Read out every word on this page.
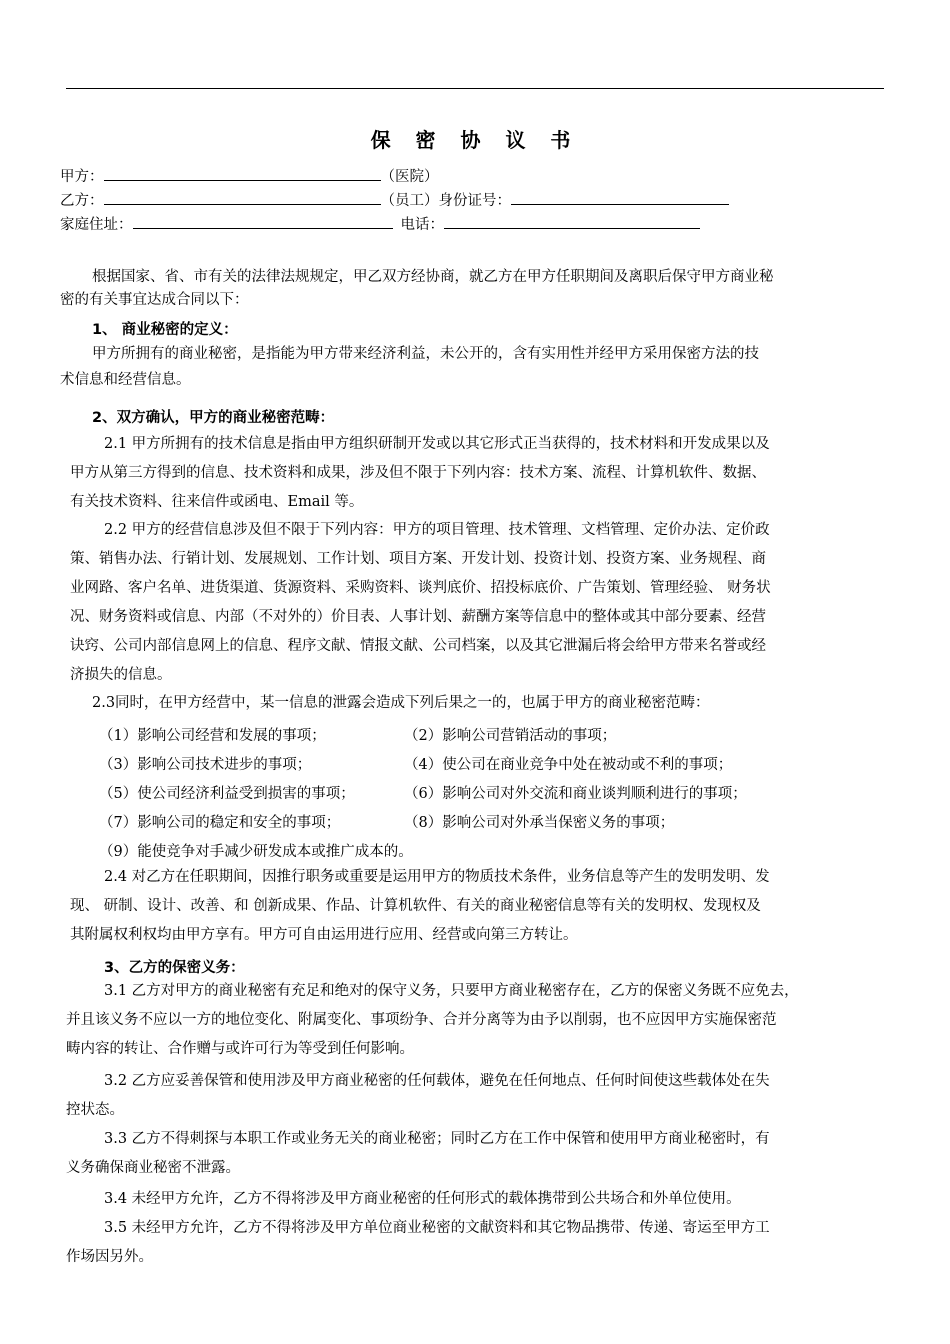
保 密 协 议 书
甲方：	（医院）
乙方：	（员工）身份证号：
家庭住址：	电话：
根据国家、省、市有关的法律法规规定，甲乙双方经协商，就乙方在甲方任职期间及离职后保守甲方商业秘
密的有关事宜达成合同以下：
1、 商业秘密的定义：
甲方所拥有的商业秘密，是指能为甲方带来经济利益，未公开的，含有实用性并经甲方采用保密方法的技
术信息和经营信息。
2、双方确认，甲方的商业秘密范畴：
2.1 甲方所拥有的技术信息是指由甲方组织研制开发或以其它形式正当获得的，技术材料和开发成果以及
甲方从第三方得到的信息、技术资料和成果，涉及但不限于下列内容：技术方案、流程、计算机软件、数据、
有关技术资料、往来信件或函电、Email 等。
2.2 甲方的经营信息涉及但不限于下列内容：甲方的项目管理、技术管理、文档管理、定价办法、定价政
策、销售办法、行销计划、发展规划、工作计划、项目方案、开发计划、投资计划、投资方案、业务规程、商
业网路、客户名单、进货渠道、货源资料、采购资料、谈判底价、招投标底价、广告策划、管理经验、 财务状
况、财务资料或信息、内部（不对外的）价目表、人事计划、薪酬方案等信息中的整体或其中部分要素、经营
诀窍、公司内部信息网上的信息、程序文献、情报文献、公司档案，以及其它泄漏后将会给甲方带来名誉或经
济损失的信息。
2.3同时，在甲方经营中，某一信息的泄露会造成下列后果之一的，也属于甲方的商业秘密范畴：
（1）影响公司经营和发展的事项；	（2）影响公司营销活动的事项；
（3）影响公司技术进步的事项；	（4）使公司在商业竞争中处在被动或不利的事项；
（5）使公司经济利益受到损害的事项；	（6）影响公司对外交流和商业谈判顺利进行的事项；
（7）影响公司的稳定和安全的事项；	（8）影响公司对外承当保密义务的事项；
（9）能使竞争对手减少研发成本或推广成本的。
2.4 对乙方在任职期间，因推行职务或重要是运用甲方的物质技术条件，业务信息等产生的发明发明、发
现、 研制、设计、改善、和 创新成果、作品、计算机软件、有关的商业秘密信息等有关的发明权、发现权及
其附属权利权均由甲方享有。甲方可自由运用进行应用、经营或向第三方转让。
3、乙方的保密义务：
3.1 乙方对甲方的商业秘密有充足和绝对的保守义务，只要甲方商业秘密存在，乙方的保密义务既不应免去，
并且该义务不应以一方的地位变化、附属变化、事项纷争、合并分离等为由予以削弱，也不应因甲方实施保密范
畴内容的转让、合作赠与或许可行为等受到任何影响。
3.2 乙方应妥善保管和使用涉及甲方商业秘密的任何载体，避免在任何地点、任何时间使这些载体处在失
控状态。
3.3 乙方不得刺探与本职工作或业务无关的商业秘密；同时乙方在工作中保管和使用甲方商业秘密时，有
义务确保商业秘密不泄露。
3.4 未经甲方允许，乙方不得将涉及甲方商业秘密的任何形式的载体携带到公共场合和外单位使用。
3.5 未经甲方允许，乙方不得将涉及甲方单位商业秘密的文献资料和其它物品携带、传递、寄运至甲方工
作场因另外。
